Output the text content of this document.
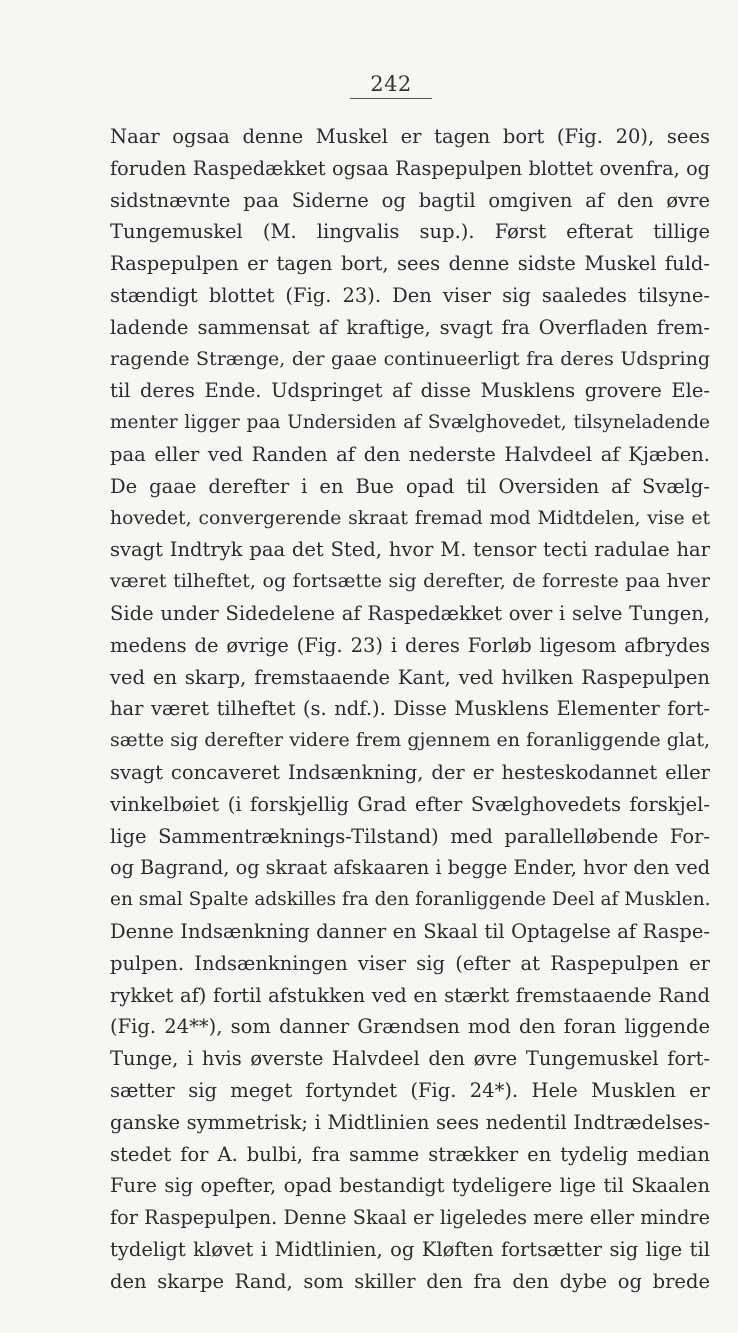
242
Naar ogsaa denne Muskel er tagen bort (Fig. 20), sees
foruden Raspedækket ogsaa Raspepulpen blottet ovenfra, og
sidstnævnte paa Siderne og bagtil omgiven af den øvre
Tungemuskel (M. lingvalis sup.). Først efterat tillige
Raspepulpen er tagen bort, sees denne sidste Muskel fuld-
stændigt blottet (Fig. 23). Den viser sig saaledes tilsyne-
ladende sammensat af kraftige, svagt fra Overfladen frem-
ragende Strænge, der gaae continueerligt fra deres Udspring
til deres Ende. Udspringet af disse Musklens grovere Ele-
menter ligger paa Undersiden af Svælghovedet, tilsyneladende
paa eller ved Randen af den nederste Halvdeel af Kjæben.
De gaae derefter i en Bue opad til Oversiden af Svælg-
hovedet, convergerende skraat fremad mod Midtdelen, vise et
svagt Indtryk paa det Sted, hvor M. tensor tecti radulae har
været tilheftet, og fortsætte sig derefter, de forreste paa hver
Side under Sidedelene af Raspedækket over i selve Tungen,
medens de øvrige (Fig. 23) i deres Forløb ligesom afbrydes
ved en skarp, fremstaaende Kant, ved hvilken Raspepulpen
har været tilheftet (s. ndf.). Disse Musklens Elementer fort-
sætte sig derefter videre frem gjennem en foranliggende glat,
svagt concaveret Indsænkning, der er hesteskodannet eller
vinkelbøiet (i forskjellig Grad efter Svælghovedets forskjel-
lige Sammentræknings-Tilstand) med parallelløbende For-
og Bagrand, og skraat afskaaren i begge Ender, hvor den ved
en smal Spalte adskilles fra den foranliggende Deel af Musklen.
Denne Indsænkning danner en Skaal til Optagelse af Raspe-
pulpen. Indsænkningen viser sig (efter at Raspepulpen er
rykket af) fortil afstukken ved en stærkt fremstaaende Rand
(Fig. 24**), som danner Grændsen mod den foran liggende
Tunge, i hvis øverste Halvdeel den øvre Tungemuskel fort-
sætter sig meget fortyndet (Fig. 24*). Hele Musklen er
ganske symmetrisk; i Midtlinien sees nedentil Indtrædelses-
stedet for A. bulbi, fra samme strækker en tydelig median
Fure sig opefter, opad bestandigt tydeligere lige til Skaalen
for Raspepulpen. Denne Skaal er ligeledes mere eller mindre
tydeligt kløvet i Midtlinien, og Kløften fortsætter sig lige til
den skarpe Rand, som skiller den fra den dybe og brede
